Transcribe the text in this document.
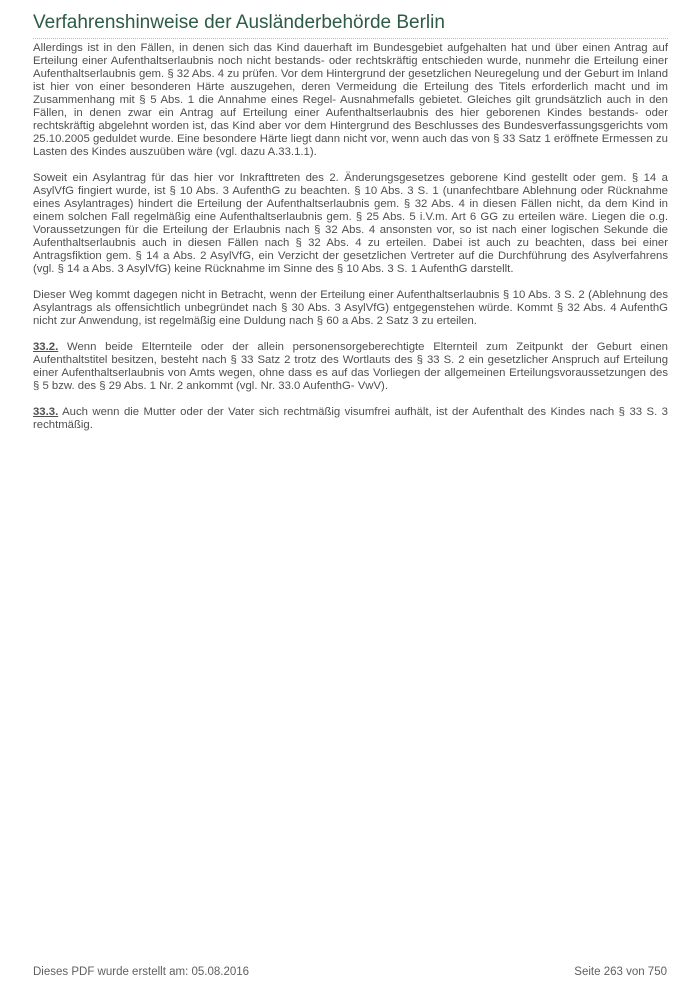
Verfahrenshinweise der Ausländerbehörde Berlin

Allerdings ist in den Fällen, in denen sich das Kind dauerhaft im Bundesgebiet aufgehalten hat und über einen Antrag auf Erteilung einer Aufenthaltserlaubnis noch nicht bestands- oder rechtskräftig entschieden wurde, nunmehr die Erteilung einer Aufenthaltserlaubnis gem. § 32 Abs. 4 zu prüfen. Vor dem Hintergrund der gesetzlichen Neuregelung und der Geburt im Inland ist hier von einer besonderen Härte auszugehen, deren Vermeidung die Erteilung des Titels erforderlich macht und im Zusammenhang mit § 5 Abs. 1 die Annahme eines Regel- Ausnahmefalls gebietet. Gleiches gilt grundsätzlich auch in den Fällen, in denen zwar ein Antrag auf Erteilung einer Aufenthaltserlaubnis des hier geborenen Kindes bestands- oder rechtskräftig abgelehnt worden ist, das Kind aber vor dem Hintergrund des Beschlusses des Bundesverfassungsgerichts vom 25.10.2005 geduldet wurde. Eine besondere Härte liegt dann nicht vor, wenn auch das von § 33 Satz 1 eröffnete Ermessen zu Lasten des Kindes auszuüben wäre (vgl. dazu A.33.1.1).

Soweit ein Asylantrag für das hier vor Inkrafttreten des 2. Änderungsgesetzes geborene Kind gestellt oder gem. § 14 a AsylVfG fingiert wurde, ist § 10 Abs. 3 AufenthG zu beachten. § 10 Abs. 3 S. 1 (unanfechtbare Ablehnung oder Rücknahme eines Asylantrages) hindert die Erteilung der Aufenthaltserlaubnis gem. § 32 Abs. 4 in diesen Fällen nicht, da dem Kind in einem solchen Fall regelmäßig eine Aufenthaltserlaubnis gem. § 25 Abs. 5 i.V.m. Art 6 GG zu erteilen wäre. Liegen die o.g. Voraussetzungen für die Erteilung der Erlaubnis nach § 32 Abs. 4 ansonsten vor, so ist nach einer logischen Sekunde die Aufenthaltserlaubnis auch in diesen Fällen nach § 32 Abs. 4 zu erteilen. Dabei ist auch zu beachten, dass bei einer Antragsfiktion gem. § 14 a Abs. 2 AsylVfG, ein Verzicht der gesetzlichen Vertreter auf die Durchführung des Asylverfahrens (vgl. § 14 a Abs. 3 AsylVfG) keine Rücknahme im Sinne des § 10 Abs. 3 S. 1 AufenthG darstellt.

Dieser Weg kommt dagegen nicht in Betracht, wenn der Erteilung einer Aufenthaltserlaubnis § 10 Abs. 3 S. 2 (Ablehnung des Asylantrags als offensichtlich unbegründet nach § 30 Abs. 3 AsylVfG) entgegenstehen würde. Kommt § 32 Abs. 4 AufenthG nicht zur Anwendung, ist regelmäßig eine Duldung nach § 60 a Abs. 2 Satz 3 zu erteilen.

33.2. Wenn beide Elternteile oder der allein personensorgeberechtigte Elternteil zum Zeitpunkt der Geburt einen Aufenthaltstitel besitzen, besteht nach § 33 Satz 2 trotz des Wortlauts des § 33 S. 2 ein gesetzlicher Anspruch auf Erteilung einer Aufenthaltserlaubnis von Amts wegen, ohne dass es auf das Vorliegen der allgemeinen Erteilungsvoraussetzungen des § 5 bzw. des § 29 Abs. 1 Nr. 2 ankommt (vgl. Nr. 33.0 AufenthG- VwV).

33.3. Auch wenn die Mutter oder der Vater sich rechtmäßig visumfrei aufhält, ist der Aufenthalt des Kindes nach § 33 S. 3 rechtmäßig.

Dieses PDF wurde erstellt am: 05.08.2016	Seite 263 von 750
